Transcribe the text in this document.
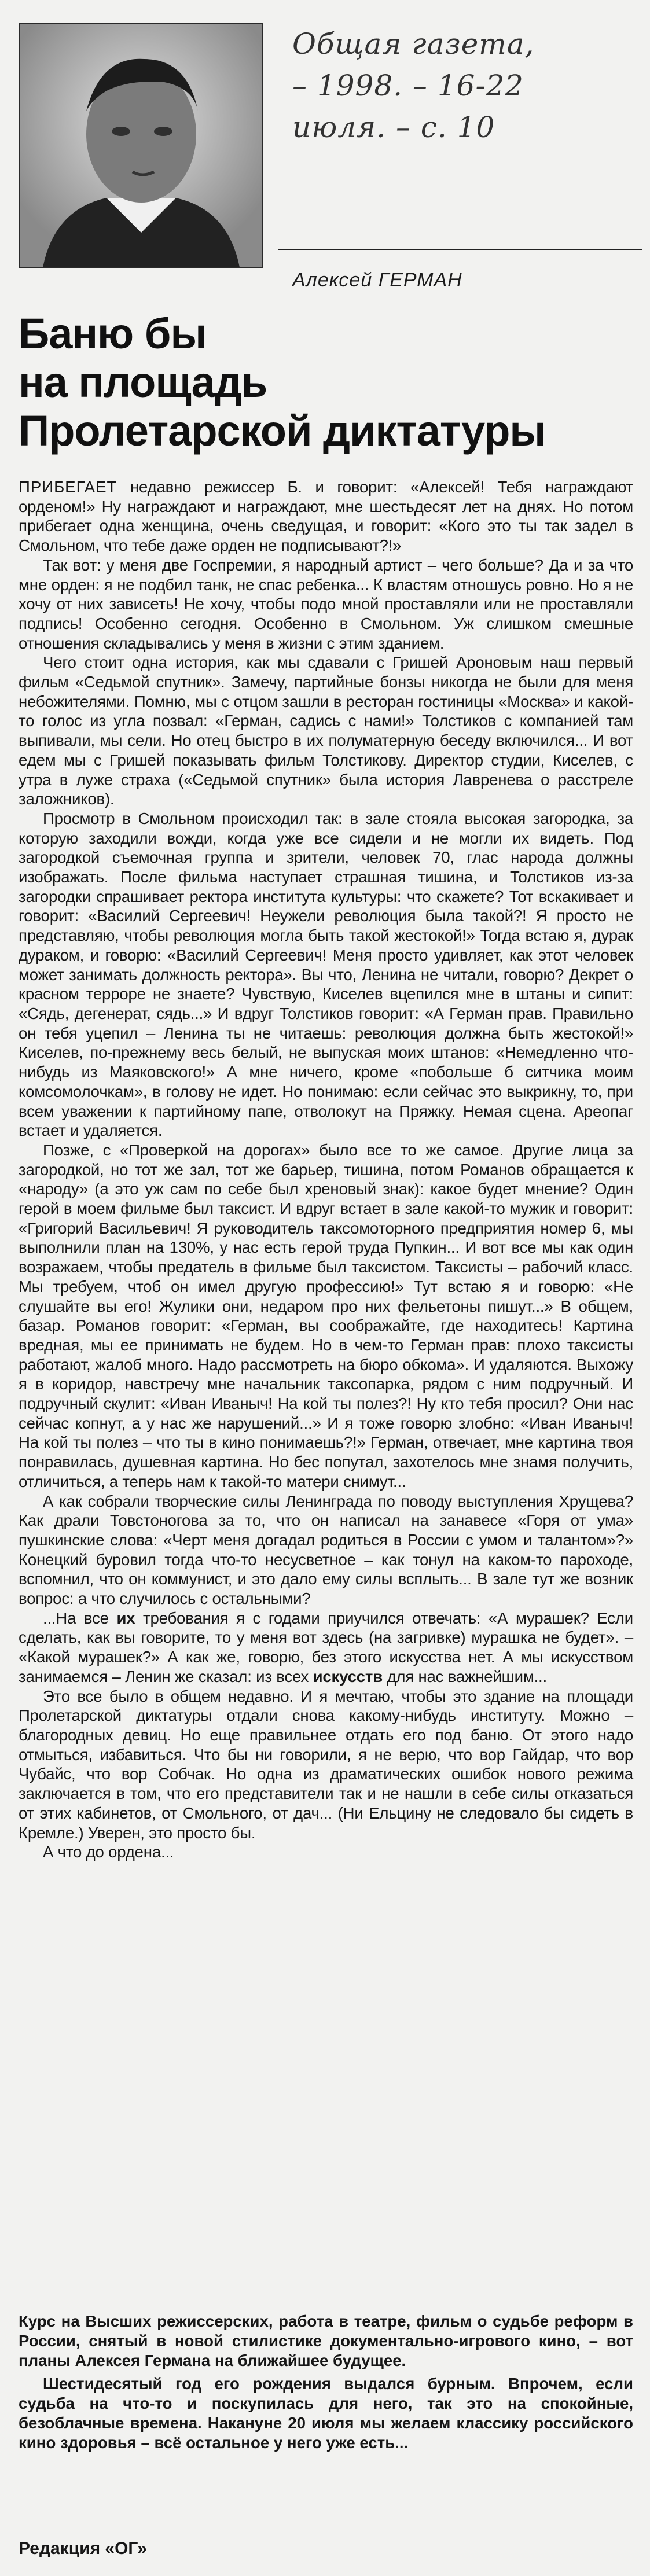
Общая газета,
– 1998. – 16-22
июля. – с. 10
Алексей ГЕРМАН
Баню бы
на площадь
Пролетарской диктатуры

ПРИБЕГАЕТ недавно режиссер Б. и говорит: «Алексей! Тебя награждают орденом!» Ну награждают и награждают, мне шестьдесят лет на днях. Но потом прибегает одна женщина, очень сведущая, и говорит: «Кого это ты так задел в Смольном, что тебе даже орден не подписывают?!»

Так вот: у меня две Госпремии, я народный артист – чего больше? Да и за что мне орден: я не подбил танк, не спас ребенка... К властям отношусь ровно. Но я не хочу от них зависеть! Не хочу, чтобы подо мной проставляли или не проставляли подпись! Особенно сегодня. Особенно в Смольном. Уж слишком смешные отношения складывались у меня в жизни с этим зданием.

Чего стоит одна история, как мы сдавали с Гришей Ароновым наш первый фильм «Седьмой спутник». Замечу, партийные бонзы никогда не были для меня небожителями. Помню, мы с отцом зашли в ресторан гостиницы «Москва» и какой-то голос из угла позвал: «Герман, садись с нами!» Толстиков с компанией там выпивали, мы сели. Но отец быстро в их полуматерную беседу включился... И вот едем мы с Гришей показывать фильм Толстикову. Директор студии, Киселев, с утра в луже страха («Седьмой спутник» была история Лавренева о расстреле заложников).

Просмотр в Смольном происходил так: в зале стояла высокая загородка, за которую заходили вожди, когда уже все сидели и не могли их видеть. Под загородкой съемочная группа и зрители, человек 70, глас народа должны изображать. После фильма наступает страшная тишина, и Толстиков из-за загородки спрашивает ректора института культуры: что скажете? Тот вскакивает и говорит: «Василий Сергеевич! Неужели революция была такой?! Я просто не представляю, чтобы революция могла быть такой жестокой!» Тогда встаю я, дурак дураком, и говорю: «Василий Сергеевич! Меня просто удивляет, как этот человек может занимать должность ректора». Вы что, Ленина не читали, говорю? Декрет о красном терроре не знаете? Чувствую, Киселев вцепился мне в штаны и сипит: «Сядь, дегенерат, сядь...» И вдруг Толстиков говорит: «А Герман прав. Правильно он тебя уцепил – Ленина ты не читаешь: революция должна быть жестокой!» Киселев, по-прежнему весь белый, не выпуская моих штанов: «Немедленно что-нибудь из Маяковского!» А мне ничего, кроме «побольше б ситчика моим комсомолочкам», в голову не идет. Но понимаю: если сейчас это выкрикну, то, при всем уважении к партийному папе, отволокут на Пряжку. Немая сцена. Ареопаг встает и удаляется.

Позже, с «Проверкой на дорогах» было все то же самое. Другие лица за загородкой, но тот же зал, тот же барьер, тишина, потом Романов обращается к «народу» (а это уж сам по себе был хреновый знак): какое будет мнение? Один герой в моем фильме был таксист. И вдруг встает в зале какой-то мужик и говорит: «Григорий Васильевич! Я руководитель таксомоторного предприятия номер 6, мы выполнили план на 130%, у нас есть герой труда Пупкин... И вот все мы как один возражаем, чтобы предатель в фильме был таксистом. Таксисты – рабочий класс. Мы требуем, чтоб он имел другую профессию!» Тут встаю я и говорю: «Не слушайте вы его! Жулики они, недаром про них фельетоны пишут...» В общем, базар. Романов говорит: «Герман, вы соображайте, где находитесь! Картина вредная, мы ее принимать не будем. Но в чем-то Герман прав: плохо таксисты работают, жалоб много. Надо рассмотреть на бюро обкома». И удаляются. Выхожу я в коридор, навстречу мне начальник таксопарка, рядом с ним подручный. И подручный скулит: «Иван Иваныч! На кой ты полез?! Ну кто тебя просил? Они нас сейчас копнут, а у нас же нарушений...» И я тоже говорю злобно: «Иван Иваныч! На кой ты полез – что ты в кино понимаешь?!» Герман, отвечает, мне картина твоя понравилась, душевная картина. Но бес попутал, захотелось мне знамя получить, отличиться, а теперь нам к такой-то матери снимут...

А как собрали творческие силы Ленинграда по поводу выступления Хрущева? Как драли Товстоногова за то, что он написал на занавесе «Горя от ума» пушкинские слова: «Черт меня догадал родиться в России с умом и талантом»?» Конецкий буровил тогда что-то несусветное – как тонул на каком-то пароходе, вспомнил, что он коммунист, и это дало ему силы всплыть... В зале тут же возник вопрос: а что случилось с остальными?

...На все их требования я с годами приучился отвечать: «А мурашек? Если сделать, как вы говорите, то у меня вот здесь (на загривке) мурашка не будет». – «Какой мурашек?» А как же, говорю, без этого искусства нет. А мы искусством занимаемся – Ленин же сказал: из всех искусств для нас важнейшим...

Это все было в общем недавно. И я мечтаю, чтобы это здание на площади Пролетарской диктатуры отдали снова какому-нибудь институту. Можно – благородных девиц. Но еще правильнее отдать его под баню. От этого надо отмыться, избавиться. Что бы ни говорили, я не верю, что вор Гайдар, что вор Чубайс, что вор Собчак. Но одна из драматических ошибок нового режима заключается в том, что его представители так и не нашли в себе силы отказаться от этих кабинетов, от Смольного, от дач... (Ни Ельцину не следовало бы сидеть в Кремле.) Уверен, это просто бы.

А что до ордена...

Курс на Высших режиссерских, работа в театре, фильм о судьбе реформ в России, снятый в новой стилистике документально-игрового кино, – вот планы Алексея Германа на ближайшее будущее.

Шестидесятый год его рождения выдался бурным. Впрочем, если судьба на что-то и поскупилась для него, так это на спокойные, безоблачные времена. Накануне 20 июля мы желаем классику российского кино здоровья – всё остальное у него уже есть...

Редакция «ОГ»
